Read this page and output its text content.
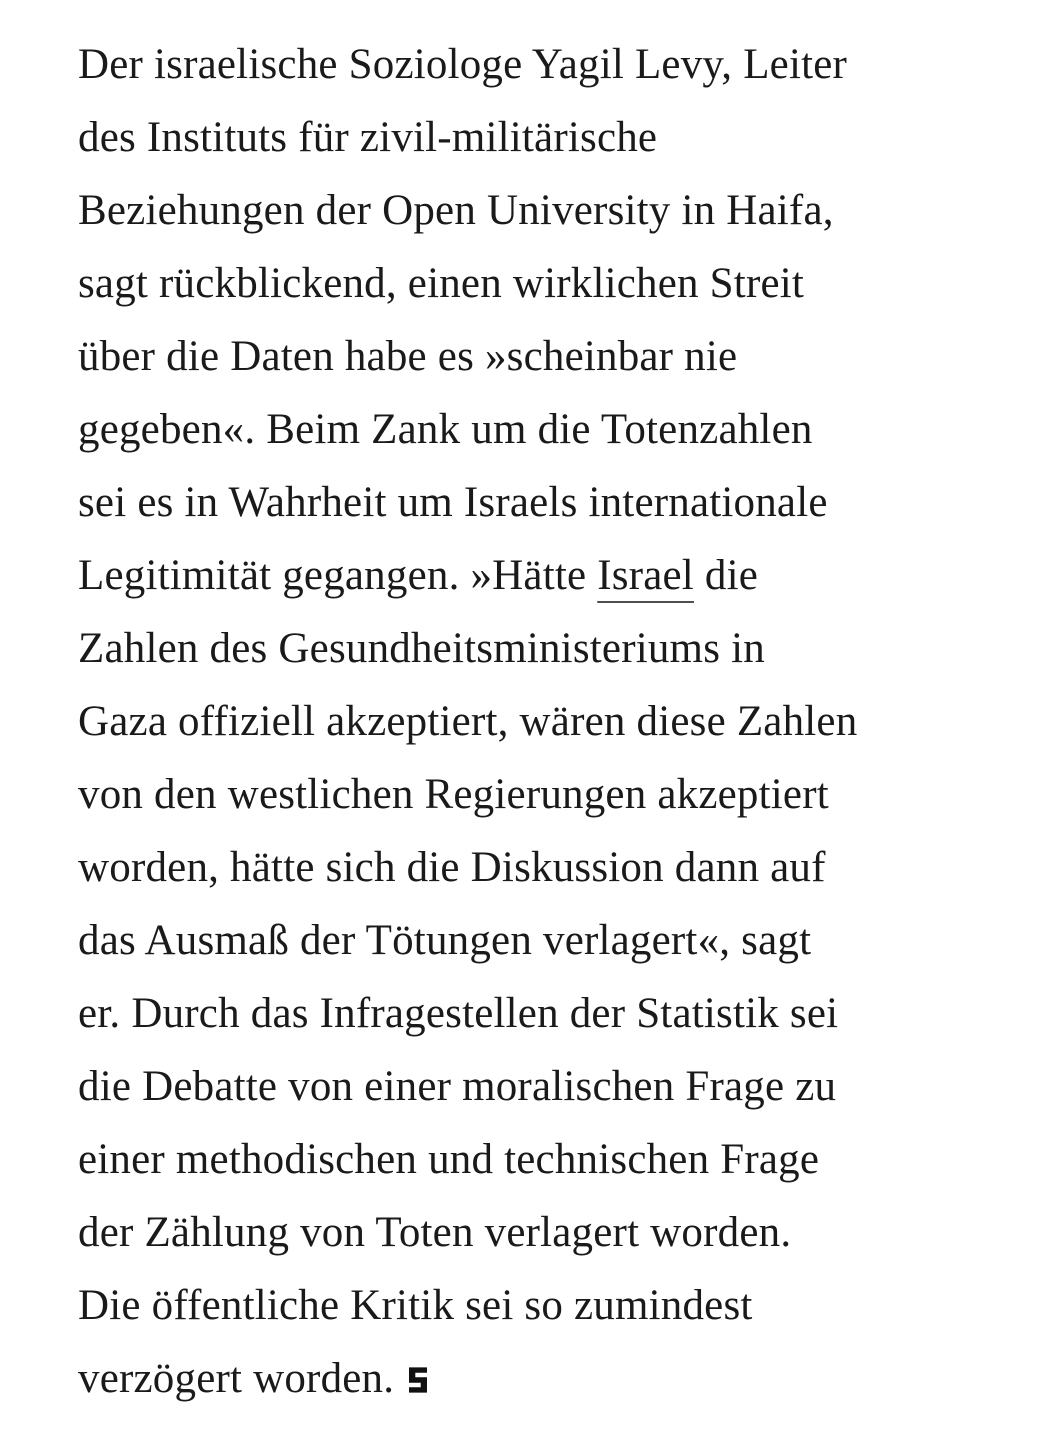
Der israelische Soziologe Yagil Levy, Leiter
des Instituts für zivil-militärische
Beziehungen der Open University in Haifa,
sagt rückblickend, einen wirklichen Streit
über die Daten habe es »scheinbar nie
gegeben«. Beim Zank um die Totenzahlen
sei es in Wahrheit um Israels internationale
Legitimität gegangen. »Hätte Israel die
Zahlen des Gesundheitsministeriums in
Gaza offiziell akzeptiert, wären diese Zahlen
von den westlichen Regierungen akzeptiert
worden, hätte sich die Diskussion dann auf
das Ausmaß der Tötungen verlagert«, sagt
er. Durch das Infragestellen der Statistik sei
die Debatte von einer moralischen Frage zu
einer methodischen und technischen Frage
der Zählung von Toten verlagert worden.
Die öffentliche Kritik sei so zumindest
verzögert worden.
